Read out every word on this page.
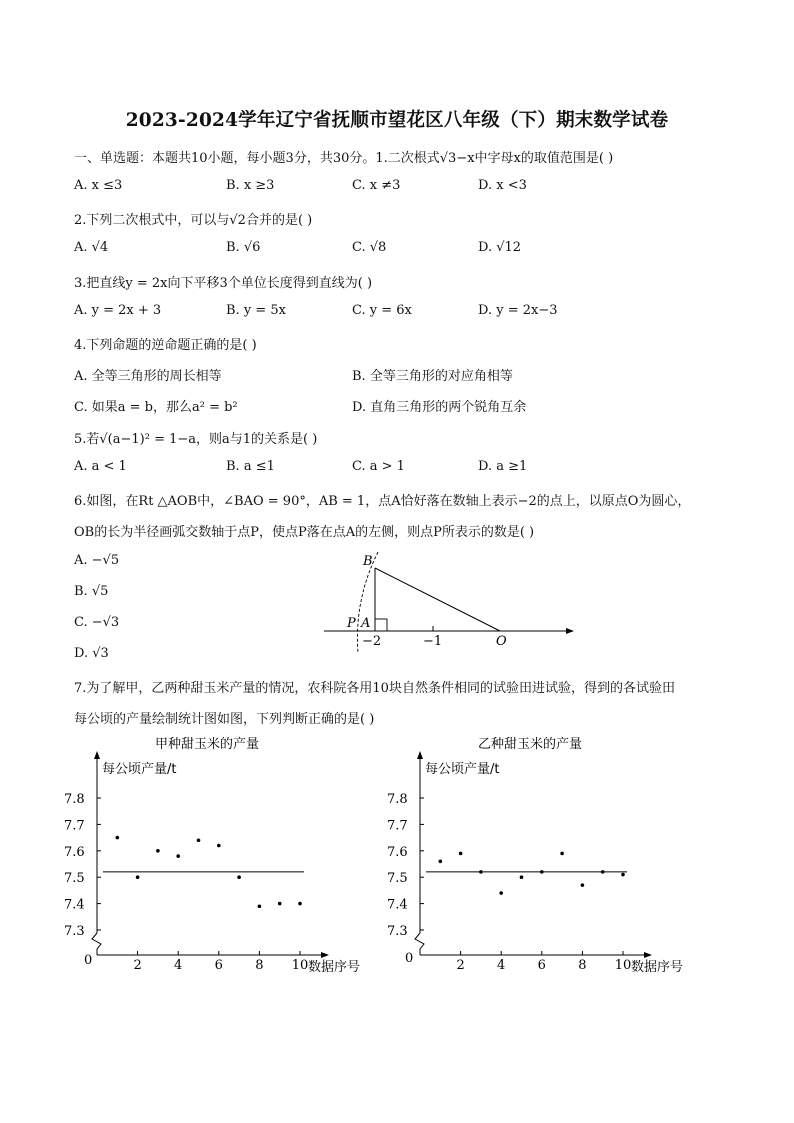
2023-2024学年辽宁省抚顺市望花区八年级（下）期末数学试卷
一、单选题：本题共10小题，每小题3分，共30分。1.二次根式√3−x中字母x的取值范围是( )
A. x ≤3	B. x ≥3	C. x ≠3	D. x <3
2.下列二次根式中，可以与√2合并的是( )
A. √4	B. √6	C. √8	D. √12
3.把直线y = 2x向下平移3个单位长度得到直线为( )
A. y = 2x + 3	B. y = 5x	C. y = 6x	D. y = 2x−3
4.下列命题的逆命题正确的是( )
A. 全等三角形的周长相等	B. 全等三角形的对应角相等
C. 如果a = b，那么a² = b²	D. 直角三角形的两个锐角互余
5.若√(a−1)² = 1−a，则a与1的关系是( )
A. a < 1	B. a ≤1	C. a > 1	D. a ≥1
6.如图，在Rt △AOB中，∠BAO = 90°，AB = 1，点A恰好落在数轴上表示−2的点上，以原点O为圆心，
OB的长为半径画弧交数轴于点P，使点P落在点A的左侧，则点P所表示的数是( )
A. −√5
B. √5
C. −√3
D. √3
B
P A
O
−2	−1
7.为了解甲，乙两种甜玉米产量的情况，农科院各用10块自然条件相同的试验田进试验，得到的各试验田
每公顷的产量绘制统计图如图，下列判断正确的是( )
甲种甜玉米的产量
每公顷产量/t
数据序号
0
7.3
7.4
7.5
7.6
7.7
7.8
2 4 6 8 10
乙种甜玉米的产量
每公顷产量/t
数据序号
0
7.3
7.4
7.5
7.6
7.7
7.8
2 4 6 8 10
